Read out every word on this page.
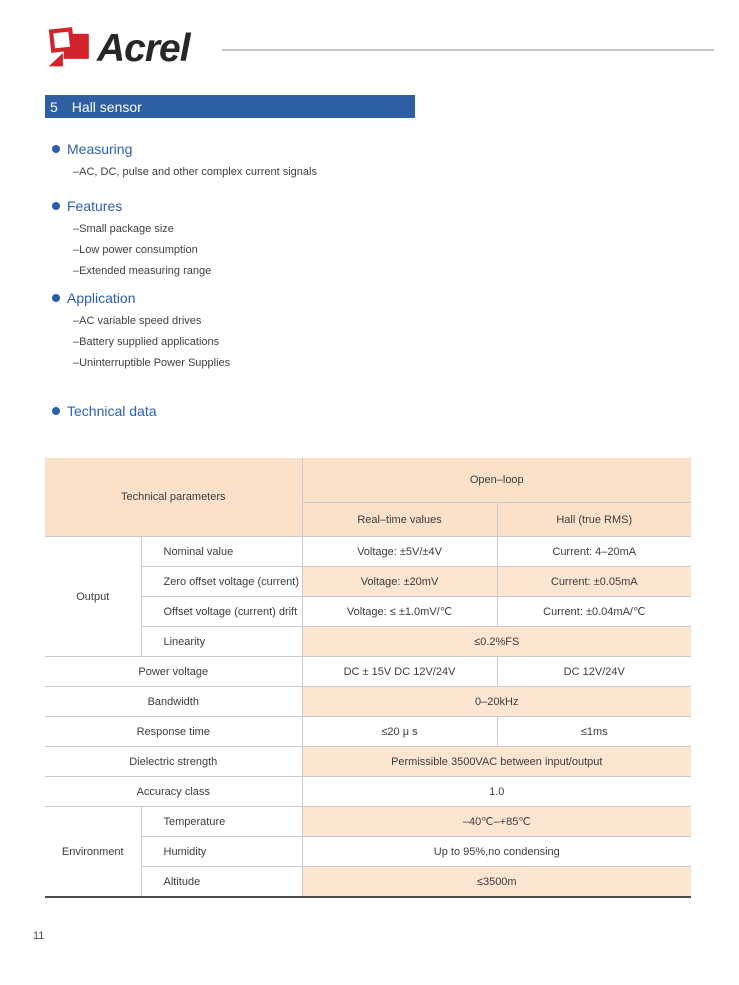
Acrel
5 Hall sensor
Measuring
–AC, DC, pulse and other complex current signals
Features
–Small package size
–Low power consumption
–Extended measuring range
Application
–AC variable speed drives
–Battery supplied applications
–Uninterruptible Power Supplies
Technical data
Technical parameters		Open–loop	
		Real–time values	Hall (true RMS)
Output	Nominal value	Voltage: ±5V/±4V	Current: 4–20mA
	Zero offset voltage (current)	Voltage: ±20mV	Current: ±0.05mA
	Offset voltage (current) drift	Voltage: ≤ ±1.0mV/℃	Current: ±0.04mA/℃
	Linearity	≤0.2%FS	
Power voltage		DC ± 15V DC 12V/24V	DC 12V/24V
Bandwidth		0–20kHz	
Response time		≤20 μ s	≤1ms
Dielectric strength		Permissible 3500VAC between input/output	
Accuracy class		1.0	
Environment	Temperature	–40℃–+85℃	
	Humidity	Up to 95%,no condensing	
	Altitude	≤3500m	
11
